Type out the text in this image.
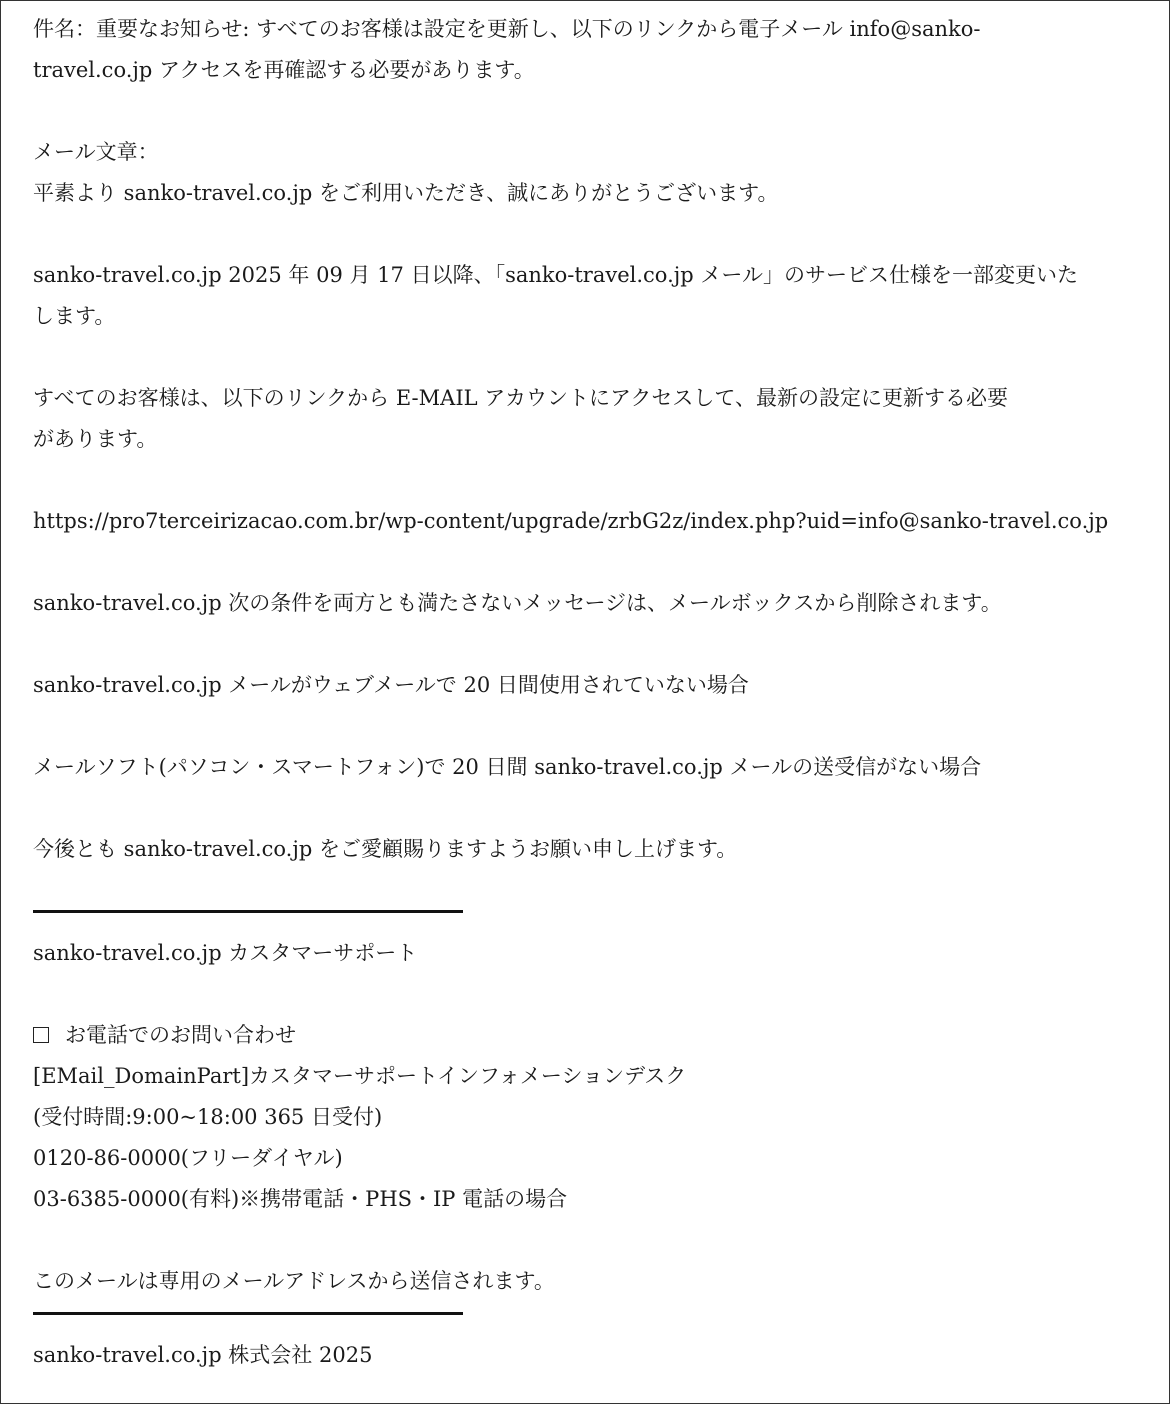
件名：重要なお知らせ: すべてのお客様は設定を更新し、以下のリンクから電子メール info@sanko-
travel.co.jp アクセスを再確認する必要があります。
メール文章：
平素より sanko-travel.co.jp をご利用いただき、誠にありがとうございます。
sanko-travel.co.jp 2025 年 09 月 17 日以降、「sanko-travel.co.jp メール」のサービス仕様を一部変更いた
します。
すべてのお客様は、以下のリンクから E-MAIL アカウントにアクセスして、最新の設定に更新する必要
があります。
https://pro7terceirizacao.com.br/wp-content/upgrade/zrbG2z/index.php?uid=info@sanko-travel.co.jp
sanko-travel.co.jp 次の条件を両方とも満たさないメッセージは、メールボックスから削除されます。
sanko-travel.co.jp メールがウェブメールで 20 日間使用されていない場合
メールソフト(パソコン・スマートフォン)で 20 日間 sanko-travel.co.jp メールの送受信がない場合
今後とも sanko-travel.co.jp をご愛顧賜りますようお願い申し上げます。
sanko-travel.co.jp カスタマーサポート
お電話でのお問い合わせ
[EMail_DomainPart]カスタマーサポートインフォメーションデスク
(受付時間:9:00~18:00 365 日受付)
0120-86-0000(フリーダイヤル)
03-6385-0000(有料)※携帯電話・PHS・IP 電話の場合
このメールは専用のメールアドレスから送信されます。
sanko-travel.co.jp 株式会社 2025
